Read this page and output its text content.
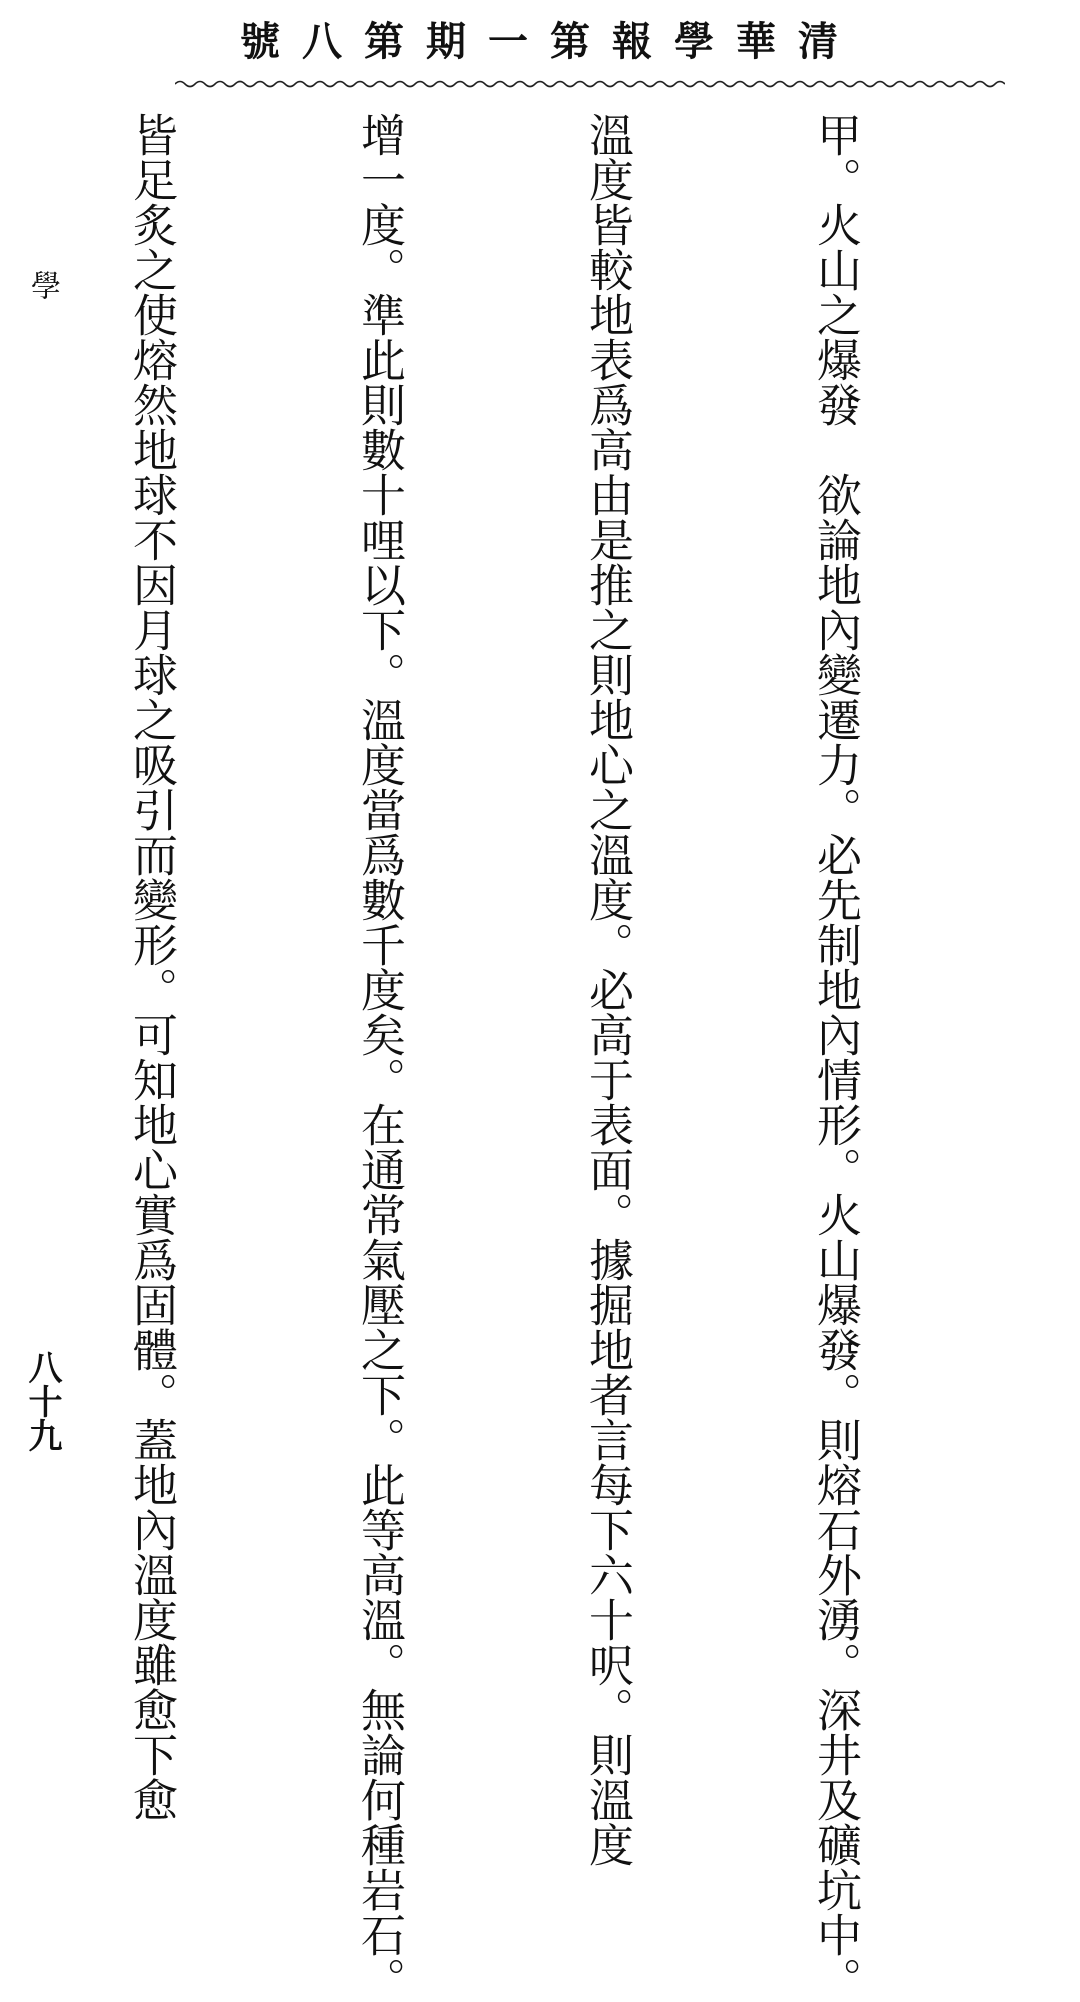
清華學報第一期第八號

甲。火山之爆發　欲論地內變遷力。必先制地內情形。火山爆發。則熔石外湧。深井及礦坑中。

溫度皆較地表爲高由是推之則地心之溫度。必高于表面。據掘地者言每下六十呎。則溫度

增一度。準此則數十哩以下。溫度當爲數千度矣。在通常氣壓之下。此等高溫。無論何種岩石。

皆足炙之使熔然地球不因月球之吸引而變形。可知地心實爲固體。蓋地內溫度雖愈下愈

學

八十九
